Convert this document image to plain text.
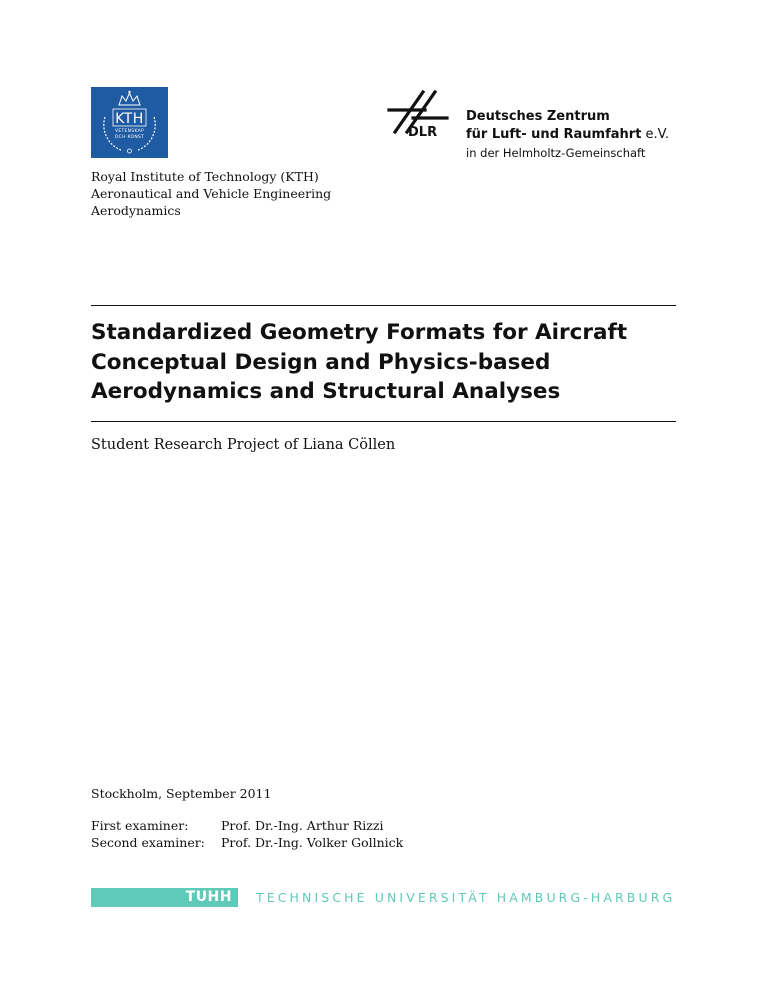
KTH
VETENSKAP
OCH KONST
Royal Institute of Technology (KTH)
Aeronautical and Vehicle Engineering
Aerodynamics
DLR
Deutsches Zentrum
für Luft- und Raumfahrt e.V.
in der Helmholtz-Gemeinschaft
Standardized Geometry Formats for Aircraft
Conceptual Design and Physics-based
Aerodynamics and Structural Analyses
Student Research Project of Liana Cöllen
Stockholm, September 2011
First examiner:	Prof. Dr.-Ing. Arthur Rizzi
Second examiner:	Prof. Dr.-Ing. Volker Gollnick
TUHH TECHNISCHE UNIVERSITÄT HAMBURG-HARBURG
